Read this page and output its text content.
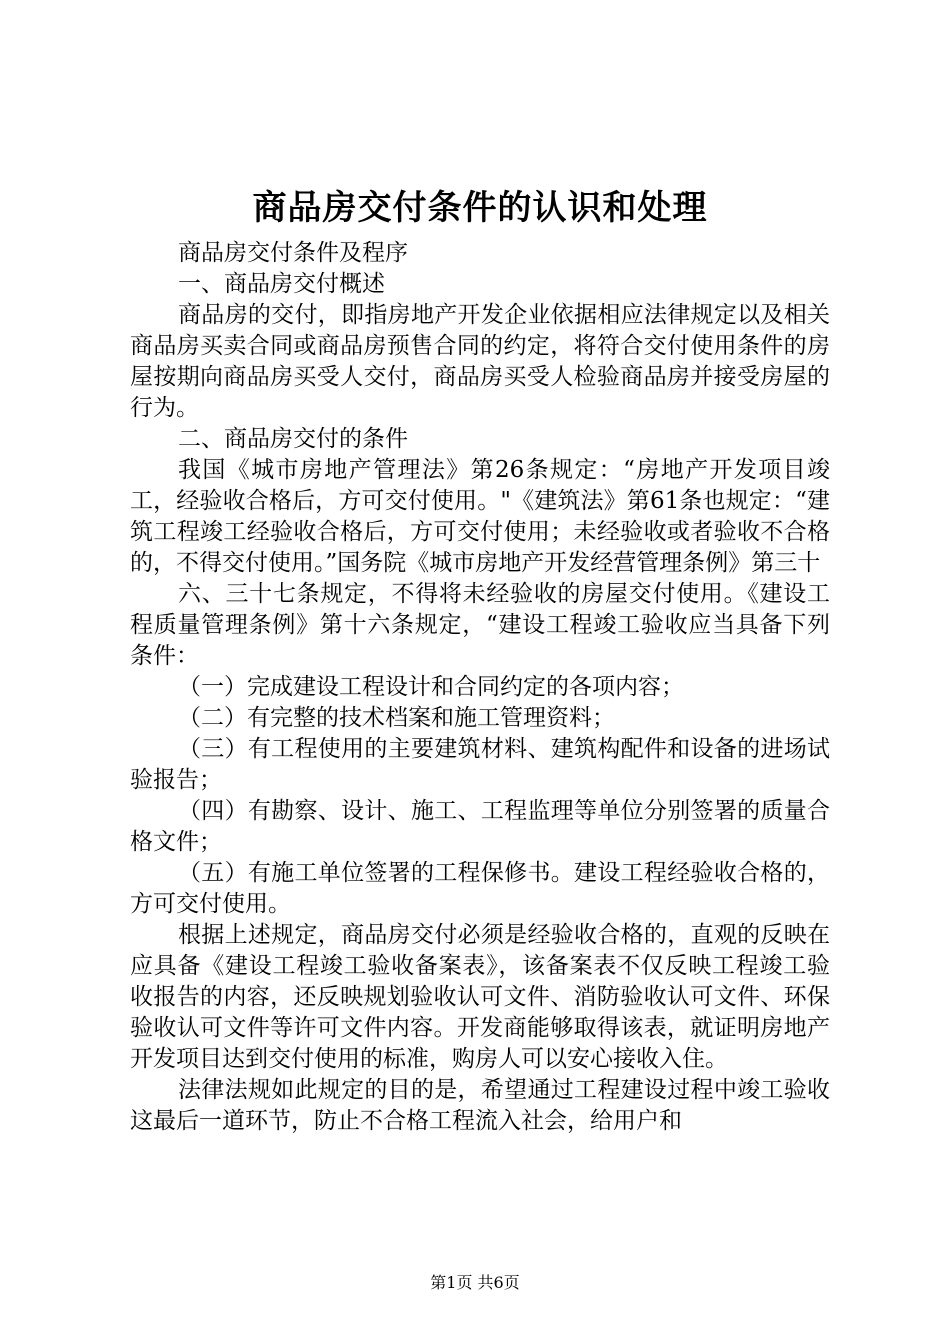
商品房交付条件的认识和处理

商品房交付条件及程序

一、商品房交付概述

商品房的交付，即指房地产开发企业依据相应法律规定以及相关商品房买卖合同或商品房预售合同的约定，将符合交付使用条件的房屋按期向商品房买受人交付，商品房买受人检验商品房并接受房屋的行为。

二、商品房交付的条件

我国《城市房地产管理法》第26条规定：“房地产开发项目竣工，经验收合格后，方可交付使用。"《建筑法》第61条也规定：“建筑工程竣工经验收合格后，方可交付使用；未经验收或者验收不合格的，不得交付使用。”国务院《城市房地产开发经营管理条例》第三十

六、三十七条规定，不得将未经验收的房屋交付使用。《建设工程质量管理条例》第十六条规定，“建设工程竣工验收应当具备下列条件：

（一）完成建设工程设计和合同约定的各项内容；

（二）有完整的技术档案和施工管理资料；

（三）有工程使用的主要建筑材料、建筑构配件和设备的进场试验报告；

（四）有勘察、设计、施工、工程监理等单位分别签署的质量合格文件；

（五）有施工单位签署的工程保修书。建设工程经验收合格的，方可交付使用。

根据上述规定，商品房交付必须是经验收合格的，直观的反映在应具备《建设工程竣工验收备案表》，该备案表不仅反映工程竣工验收报告的内容，还反映规划验收认可文件、消防验收认可文件、环保验收认可文件等许可文件内容。开发商能够取得该表，就证明房地产开发项目达到交付使用的标准，购房人可以安心接收入住。

法律法规如此规定的目的是，希望通过工程建设过程中竣工验收这最后一道环节，防止不合格工程流入社会，给用户和

第1页 共6页
